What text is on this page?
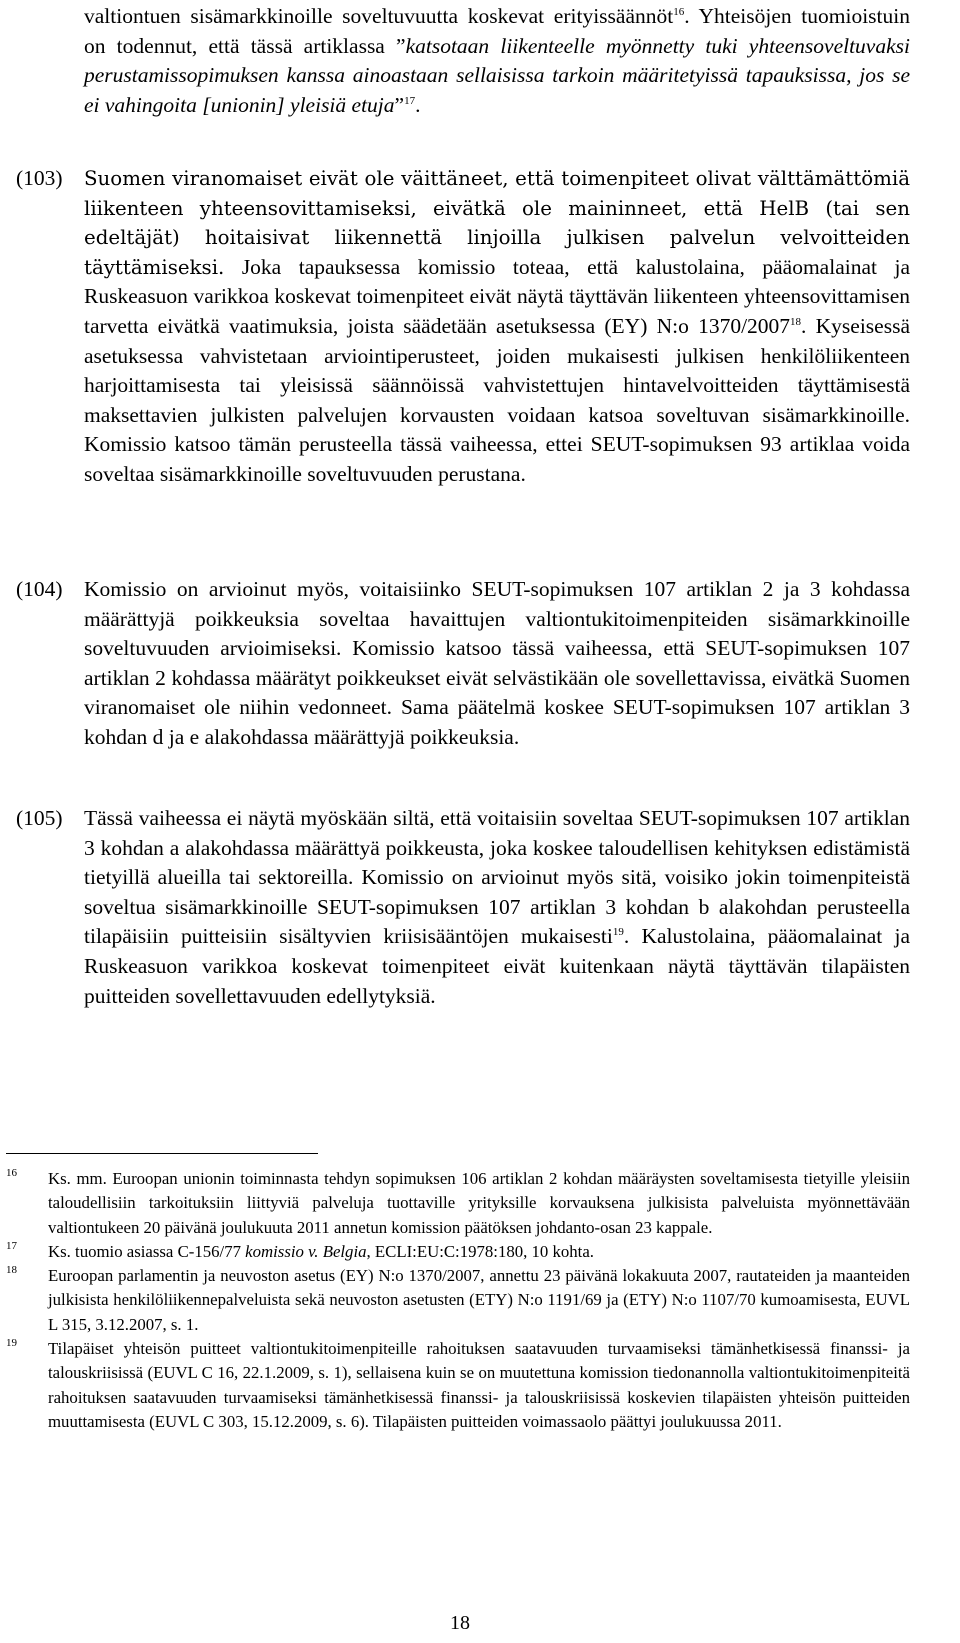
valtiontuen sisämarkkinoille soveltuvuutta koskevat erityissäännöt$^{16}$. Yhteisöjen tuomioistuin on todennut, että tässä artiklassa ”katsotaan liikenteelle myönnetty tuki yhteensoveltuvaksi perustamissopimuksen kanssa ainoastaan sellaisissa tarkoin määritetyissä tapauksissa, jos se ei vahingoita [unionin] yleisiä etuja”$^{17}$.
(103)	Suomen viranomaiset eivät ole väittäneet, että toimenpiteet olivat välttämättömiä liikenteen yhteensovittamiseksi, eivätkä ole maininneet, että HelB (tai sen edeltäjät) hoitaisivat liikennettä linjoilla julkisen palvelun velvoitteiden täyttämiseksi. Joka tapauksessa komissio toteaa, että kalustolaina, pääomalainat ja Ruskeasuon varikkoa koskevat toimenpiteet eivät näytä täyttävän liikenteen yhteensovittamisen tarvetta eivätkä vaatimuksia, joista säädetään asetuksessa (EY) N:o 1370/2007$^{18}$. Kyseisessä asetuksessa vahvistetaan arviointiperusteet, joiden mukaisesti julkisen henkilöliikenteen harjoittamisesta tai yleisissä säännöissä vahvistettujen hintavelvoitteiden täyttämisestä maksettavien julkisten palvelujen korvausten voidaan katsoa soveltuvan sisämarkkinoille. Komissio katsoo tämän perusteella tässä vaiheessa, ettei SEUT-sopimuksen 93 artiklaa voida soveltaa sisämarkkinoille soveltuvuuden perustana.
(104) Komissio on arvioinut myös, voitaisiinko SEUT-sopimuksen 107 artiklan 2 ja 3 kohdassa määrättyjä poikkeuksia soveltaa havaittujen valtiontukitoimenpiteiden sisämarkkinoille soveltuvuuden arvioimiseksi. Komissio katsoo tässä vaiheessa, että SEUT-sopimuksen 107 artiklan 2 kohdassa määrätyt poikkeukset eivät selvästikään ole sovellettavissa, eivätkä Suomen viranomaiset ole niihin vedonneet. Sama päätelmä koskee SEUT-sopimuksen 107 artiklan 3 kohdan d ja e alakohdassa määrättyjä poikkeuksia.
(105) Tässä vaiheessa ei näytä myöskään siltä, että voitaisiin soveltaa SEUT-sopimuksen 107 artiklan 3 kohdan a alakohdassa määrättyä poikkeusta, joka koskee taloudellisen kehityksen edistämistä tietyillä alueilla tai sektoreilla. Komissio on arvioinut myös sitä, voisiko jokin toimenpiteistä soveltua sisämarkkinoille SEUT-sopimuksen 107 artiklan 3 kohdan b alakohdan perusteella tilapäisiin puitteisiin sisältyvien kriisisääntöjen mukaisesti$^{19}$. Kalustolaina, pääomalainat ja Ruskeasuon varikkoa koskevat toimenpiteet eivät kuitenkaan näytä täyttävän tilapäisten puitteiden sovellettavuuden edellytyksiä.
16 Ks. mm. Euroopan unionin toiminnasta tehdyn sopimuksen 106 artiklan 2 kohdan määräysten soveltamisesta tietyille yleisiin taloudellisiin tarkoituksiin liittyviä palveluja tuottaville yrityksille korvauksena julkisista palveluista myönnettävään valtiontukeen 20 päivänä joulukuuta 2011 annetun komission päätöksen johdanto-osan 23 kappale.
17 Ks. tuomio asiassa C-156/77 komissio v. Belgia, ECLI:EU:C:1978:180, 10 kohta.
18 Euroopan parlamentin ja neuvoston asetus (EY) N:o 1370/2007, annettu 23 päivänä lokakuuta 2007, rautateiden ja maanteiden julkisista henkilöliikennepalveluista sekä neuvoston asetusten (ETY) N:o 1191/69 ja (ETY) N:o 1107/70 kumoamisesta, EUVL L 315, 3.12.2007, s. 1.
19 Tilapäiset yhteisön puitteet valtiontukitoimenpiteille rahoituksen saatavuuden turvaamiseksi tämänhetkisessä finanssi- ja talouskriisissä (EUVL C 16, 22.1.2009, s. 1), sellaisena kuin se on muutettuna komission tiedonannolla valtiontukitoimenpiteitä rahoituksen saatavuuden turvaamiseksi tämänhetkisessä finanssi- ja talouskriisissä koskevien tilapäisten yhteisön puitteiden muuttamisesta (EUVL C 303, 15.12.2009, s. 6). Tilapäisten puitteiden voimassaolo päättyi joulukuussa 2011.
18
